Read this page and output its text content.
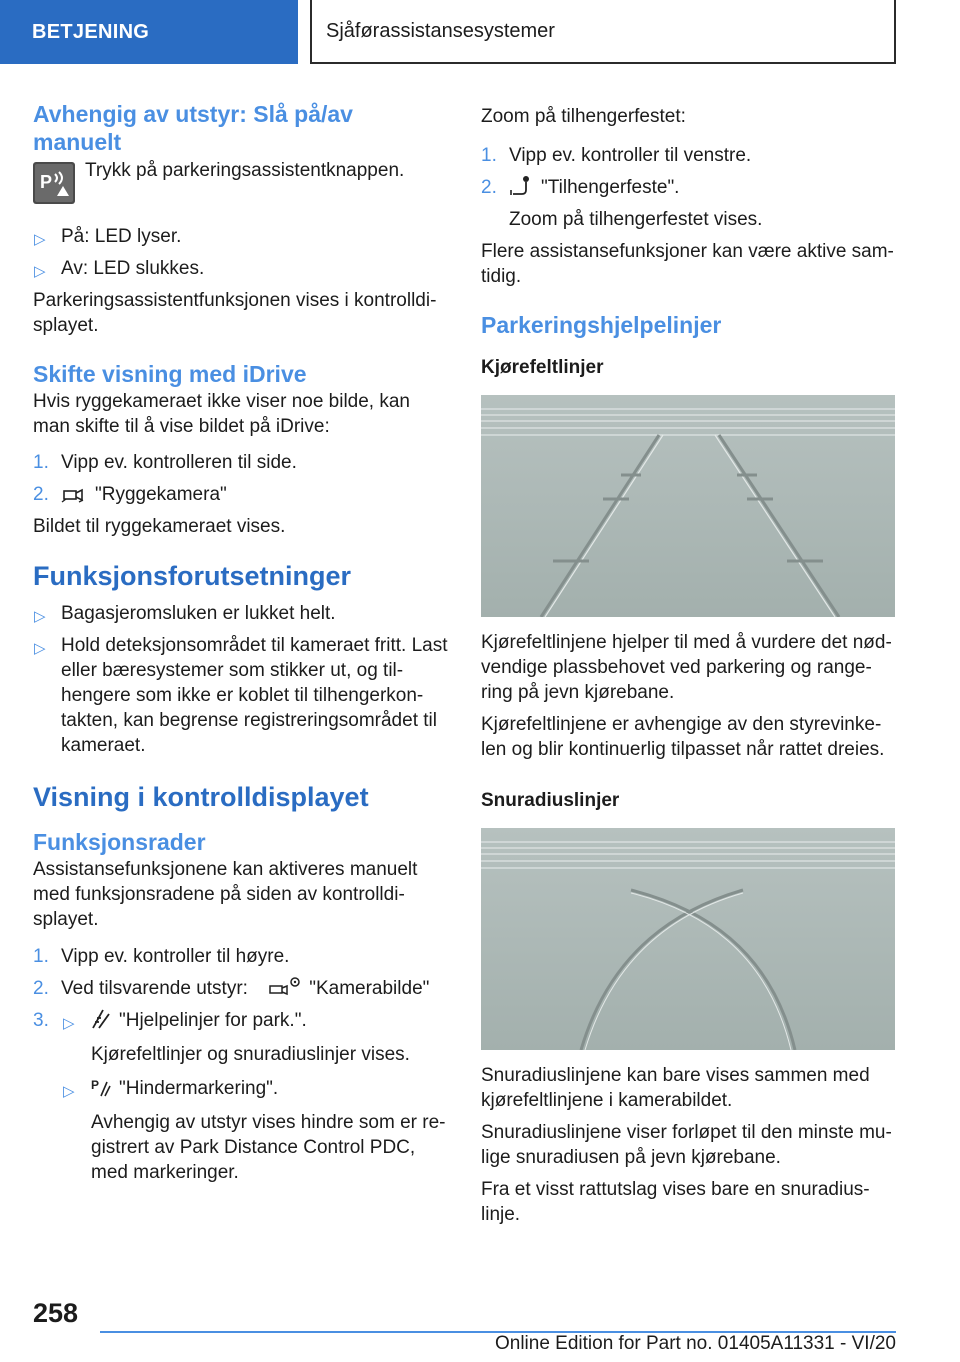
BETJENING	Sjåførassistansesystemer
Avhengig av utstyr: Slå på/av manuelt
P

Trykk på parkeringsassistentknappen.

▷ På: LED lyser.
▷ Av: LED slukkes.

Parkeringsassistentfunksjonen vises i kontrolldi‐splayet.

Skifte visning med iDrive

Hvis ryggekameraet ikke viser noe bilde, kan man skifte til å vise bildet på iDrive:

1. Vipp ev. kontrolleren til side.
2. "Ryggekamera"

Bildet til ryggekameraet vises.

Funksjonsforutsetninger
▷ Bagasjeromsluken er lukket helt.
▷ Hold deteksjonsområdet til kameraet fritt. Last eller bæresystemer som stikker ut, og til‐hengere som ikke er koblet til tilhengerkon‐takten, kan begrense registreringsområdet til kameraet.
Visning i kontrolldisplayet
Funksjonsrader

Assistansefunksjonene kan aktiveres manuelt med funksjonsradene på siden av kontrolldi‐splayet.

1. Vipp ev. kontroller til høyre.
2. Ved tilsvarende utstyr:	"Kamerabilde"
3. ▷ "Hjelpelinjer for park.".
Kjørefeltlinjer og snuradiuslinjer vises.
▷ P "Hindermarkering".
Avhengig av utstyr vises hindre som er re‐gistrert av Park Distance Control PDC, med markeringer.

Zoom på tilhengerfestet:

1. Vipp ev. kontroller til venstre.
2. "Tilhengerfeste".

Zoom på tilhengerfestet vises.

Flere assistansefunksjoner kan være aktive sam‐tidig.

Parkeringshjelpelinjer
Kjørefeltlinjer

Kjørefeltlinjene hjelper til med å vurdere det nød‐vendige plassbehovet ved parkering og range‐ring på jevn kjørebane.

Kjørefeltlinjene er avhengige av den styrevinke‐len og blir kontinuerlig tilpasset når rattet dreies.

Snuradiuslinjer

Snuradiuslinjene kan bare vises sammen med kjørefeltlinjene i kamerabildet.

Snuradiuslinjene viser forløpet til den minste mu‐lige snuradiusen på jevn kjørebane.

Fra et visst rattutslag vises bare en snuradius‐linje.

258
Online Edition for Part no. 01405A11331 - VI/20
